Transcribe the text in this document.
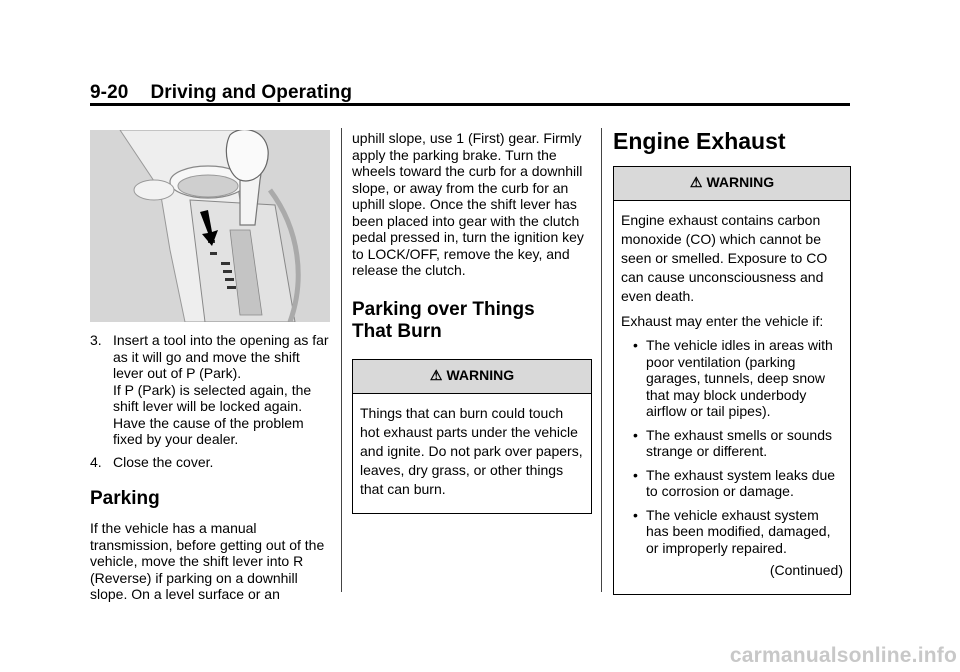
9-20 Driving and Operating
3. Insert a tool into the opening as far as it will go and move the shift lever out of P (Park).

If P (Park) is selected again, the shift lever will be locked again. Have the cause of the problem fixed by your dealer.

4. Close the cover.

Parking

If the vehicle has a manual transmission, before getting out of the vehicle, move the shift lever into R (Reverse) if parking on a downhill slope. On a level surface or an

uphill slope, use 1 (First) gear. Firmly apply the parking brake. Turn the wheels toward the curb for a downhill slope, or away from the curb for an uphill slope. Once the shift lever has been placed into gear with the clutch pedal pressed in, turn the ignition key to LOCK/OFF, remove the key, and release the clutch.

Parking over Things
That Burn
⚠ WARNING

Things that can burn could touch hot exhaust parts under the vehicle and ignite. Do not park over papers, leaves, dry grass, or other things that can burn.

Engine Exhaust
⚠ WARNING

Engine exhaust contains carbon monoxide (CO) which cannot be seen or smelled. Exposure to CO can cause unconsciousness and even death.

Exhaust may enter the vehicle if:

• The vehicle idles in areas with poor ventilation (parking garages, tunnels, deep snow that may block underbody airflow or tail pipes).
• The exhaust smells or sounds strange or different.
• The exhaust system leaks due to corrosion or damage.
• The vehicle exhaust system has been modified, damaged, or improperly repaired.

(Continued)

carmanualsonline.info
